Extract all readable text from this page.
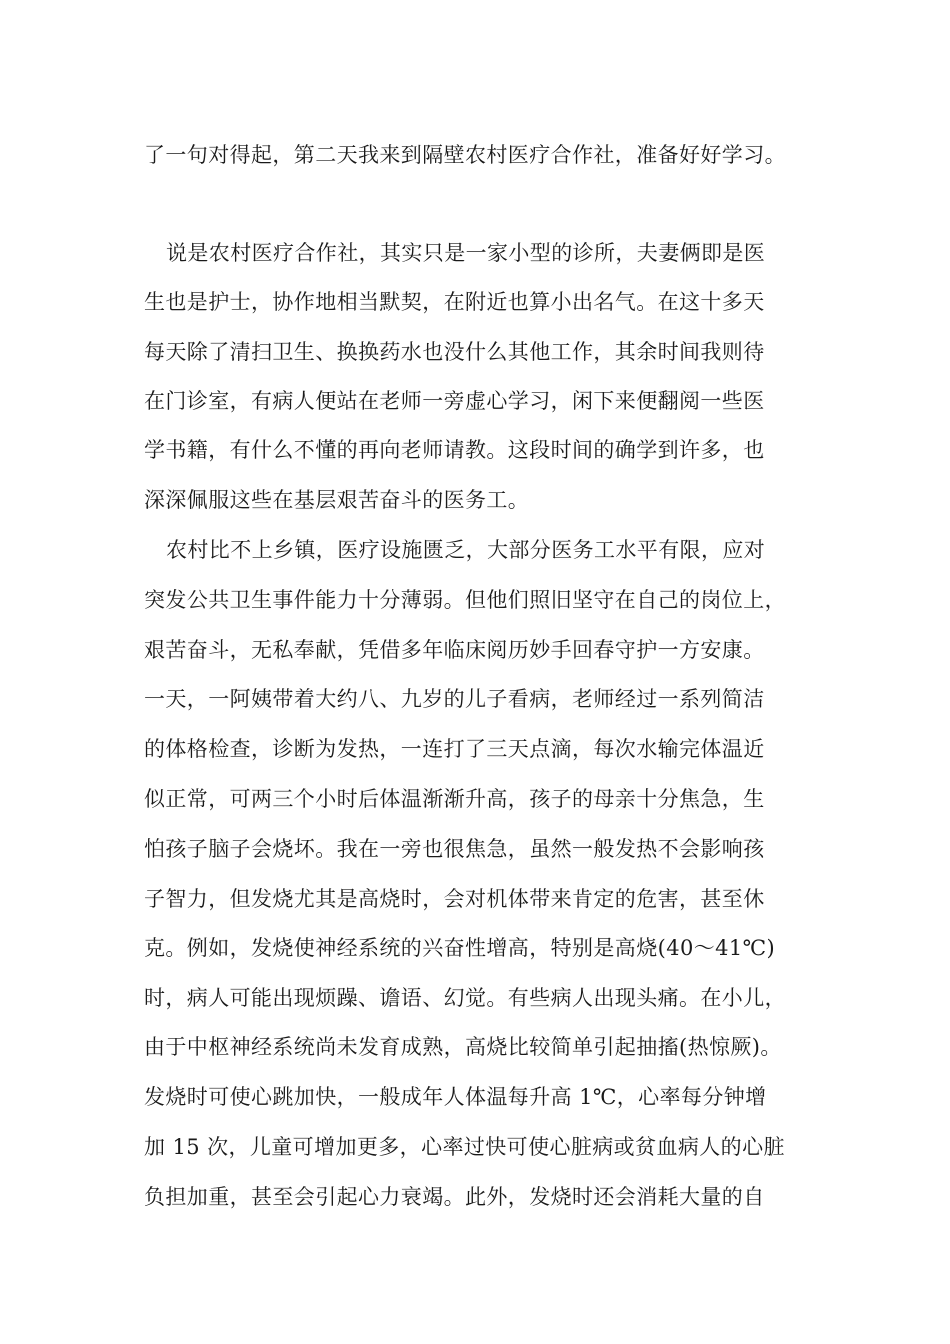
了一句对得起，第二天我来到隔壁农村医疗合作社，准备好好学习。
说是农村医疗合作社，其实只是一家小型的诊所，夫妻俩即是医
生也是护士，协作地相当默契，在附近也算小出名气。在这十多天
每天除了清扫卫生、换换药水也没什么其他工作，其余时间我则待
在门诊室，有病人便站在老师一旁虚心学习，闲下来便翻阅一些医
学书籍，有什么不懂的再向老师请教。这段时间的确学到许多，也
深深佩服这些在基层艰苦奋斗的医务工。
农村比不上乡镇，医疗设施匮乏，大部分医务工水平有限，应对
突发公共卫生事件能力十分薄弱。但他们照旧坚守在自己的岗位上，
艰苦奋斗，无私奉献，凭借多年临床阅历妙手回春守护一方安康。
一天，一阿姨带着大约八、九岁的儿子看病，老师经过一系列简洁
的体格检查，诊断为发热，一连打了三天点滴，每次水输完体温近
似正常，可两三个小时后体温渐渐升高，孩子的母亲十分焦急，生
怕孩子脑子会烧坏。我在一旁也很焦急，虽然一般发热不会影响孩
子智力，但发烧尤其是高烧时，会对机体带来肯定的危害，甚至休
克。例如，发烧使神经系统的兴奋性增高，特别是高烧(40～41℃)
时，病人可能出现烦躁、谵语、幻觉。有些病人出现头痛。在小儿，
由于中枢神经系统尚未发育成熟，高烧比较简单引起抽搐(热惊厥)。
发烧时可使心跳加快，一般成年人体温每升高 1℃，心率每分钟增
加 15 次，儿童可增加更多，心率过快可使心脏病或贫血病人的心脏
负担加重，甚至会引起心力衰竭。此外，发烧时还会消耗大量的自
